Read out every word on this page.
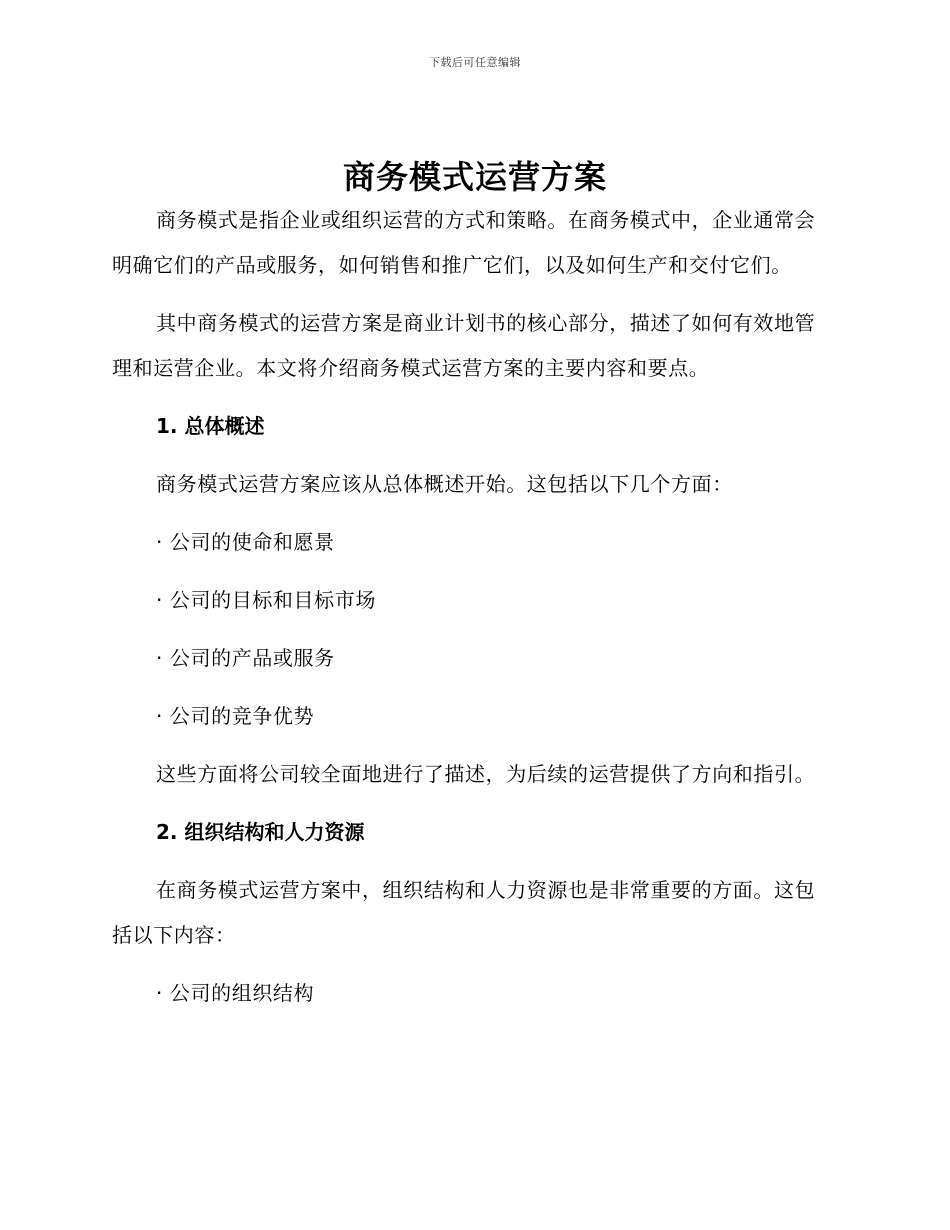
下载后可任意编辑
商务模式运营方案

商务模式是指企业或组织运营的方式和策略。在商务模式中，企业通常会明确它们的产品或服务，如何销售和推广它们，以及如何生产和交付它们。

其中商务模式的运营方案是商业计划书的核心部分，描述了如何有效地管理和运营企业。本文将介绍商务模式运营方案的主要内容和要点。

1. 总体概述

商务模式运营方案应该从总体概述开始。这包括以下几个方面：

· 公司的使命和愿景
· 公司的目标和目标市场
· 公司的产品或服务
· 公司的竞争优势

这些方面将公司较全面地进行了描述，为后续的运营提供了方向和指引。

2. 组织结构和人力资源

在商务模式运营方案中，组织结构和人力资源也是非常重要的方面。这包括以下内容：

· 公司的组织结构
